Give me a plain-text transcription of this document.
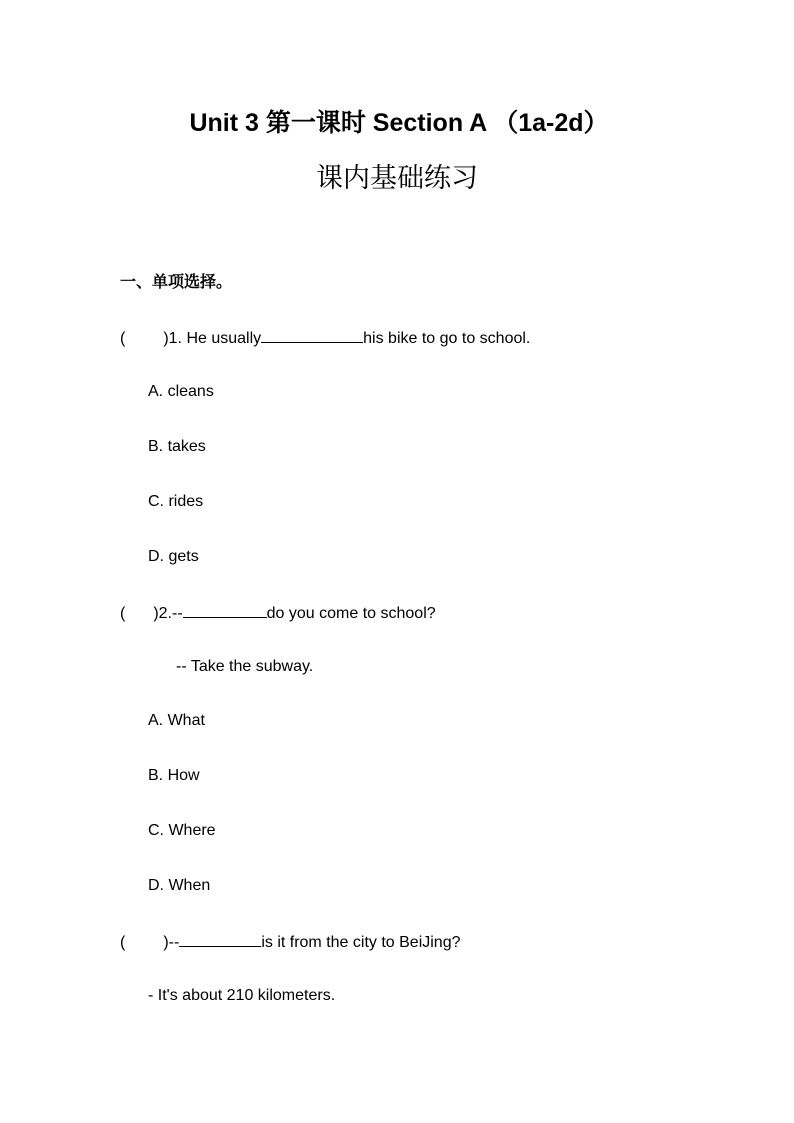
Unit 3 第一课时 Section A （1a-2d）
课内基础练习
一、单项选择。
( )1. He usually	his bike to go to school.
A. cleans
B. takes
C. rides
D. gets
( )2.--	do you come to school?
-- Take the subway.
A. What
B. How
C. Where
D. When
( )--	is it from the city to BeiJing?
- It's about 210 kilometers.
